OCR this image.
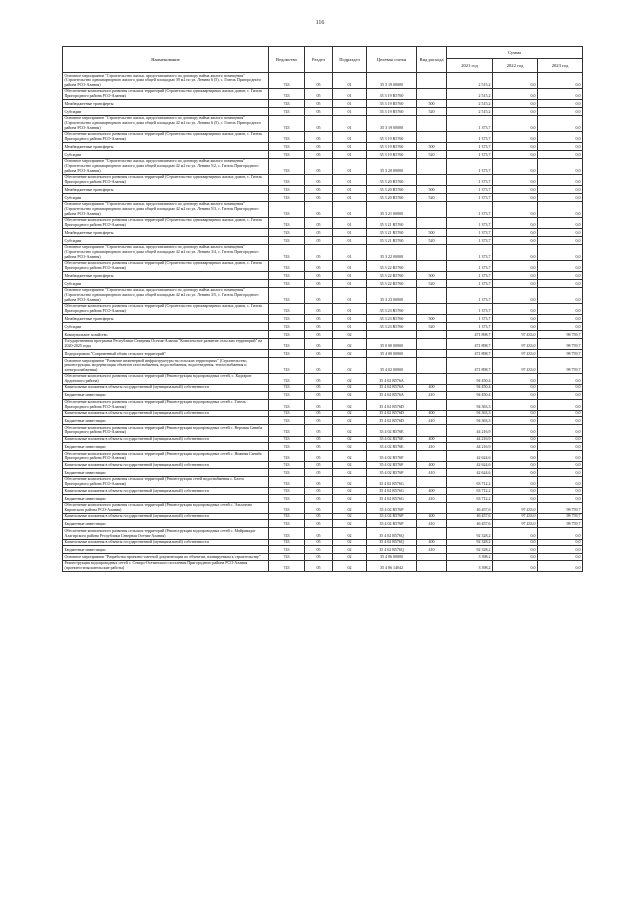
116
Наименование	Ведомство	Раздел	Подраздел	Целевая статья	Вид расхода	Сумма		
						2021 год	2022 год	2023 год
Основное мероприятие "Строительство жилья, предоставляемого по договору найма жилого помещения" (Строительство одноквартирного жилого дома общей площадью 39 м2 по ул. Ленина 6 (5), с. Гизель Пригородного района РСО-Алания)	743	05	01	35 3 19 00000		2 515,2	0,0	0,0
Обеспечение комплексного развития сельских территорий (Строительство одноквартирных жилых домов, с. Гизель Пригородного района РСО-Алания)	743	05	01	35 3 19 R5760		2 515,2	0,0	0,0
Межбюджетные трансферты	743	05	01	35 3 19 R5760	500	2 515,2	0,0	0,0
Субсидии	743	05	01	35 3 19 R5760	520	2 515,2	0,0	0,0
Основное мероприятие "Строительство жилья, предоставляемого по договору найма жилого помещения" (Строительство одноквартирного жилого дома общей площадью 42 м2 по ул. Ленина 6 (5), с. Гизель Пригородного района РСО-Алания)	743	05	01	35 3 19 00000		1 373,7	0,0	0,0
Обеспечение комплексного развития сельских территорий (Строительство одноквартирных жилых домов, с. Гизель Пригородного района РСО-Алания)	743	05	01	35 3 19 R5760		1 373,7	0,0	0,0
Межбюджетные трансферты	743	05	01	35 3 19 R5760	500	1 373,7	0,0	0,0
Субсидии	743	05	01	35 3 19 R5760	520	1 373,7	0,0	0,0
Основное мероприятие "Строительство жилья, предоставляемого по договору найма жилого помещения" (Строительство одноквартирного жилого дома общей площадью 42 м2 по ул. Ленина 5/2, с. Гизель Пригородного района РСО-Алания)	743	05	01	35 3 20 00000		1 373,7	0,0	0,0
Обеспечение комплексного развития сельских территорий (Строительство одноквартирных жилых домов, с. Гизель Пригородного района РСО-Алания)	743	05	01	35 3 20 R5760		1 373,7	0,0	0,0
Межбюджетные трансферты	743	05	01	35 3 20 R5760	500	1 373,7	0,0	0,0
Субсидии	743	05	01	35 3 20 R5760	520	1 373,7	0,0	0,0
Основное мероприятие "Строительство жилья, предоставляемого по договору найма жилого помещения" (Строительство одноквартирного жилого дома общей площадью 42 м2 по ул. Ленина 5/3, с. Гизель Пригородного района РСО-Алания)	743	05	01	35 3 21 00000		1 373,7	0,0	0,0
Обеспечение комплексного развития сельских территорий (Строительство одноквартирных жилых домов, с. Гизель Пригородного района РСО-Алания)	743	05	01	35 3 21 R5760		1 373,7	0,0	0,0
Межбюджетные трансферты	743	05	01	35 3 21 R5760	500	1 373,7	0,0	0,0
Субсидии	743	05	01	35 3 21 R5760	520	1 373,7	0,0	0,0
Основное мероприятие "Строительство жилья, предоставляемого по договору найма жилого помещения" (Строительство одноквартирного жилого дома общей площадью 42 м2 по ул. Ленина 3/4, с. Гизель Пригородного района РСО-Алания)	743	05	01	35 3 22 00000		1 373,7	0,0	0,0
Обеспечение комплексного развития сельских территорий (Строительство одноквартирных жилых домов, с. Гизель Пригородного района РСО-Алания)	743	05	01	35 3 22 R5760		1 373,7	0,0	0,0
Межбюджетные трансферты	743	05	01	35 3 22 R5760	500	1 373,7	0,0	0,0
Субсидии	743	05	01	35 3 22 R5760	520	1 373,7	0,0	0,0
Основное мероприятие "Строительство жилья, предоставляемого по договору найма жилого помещения" (Строительство одноквартирного жилого дома общей площадью 42 м2 по ул. Ленина 3/5, с. Гизель Пригородного района РСО-Алания)	743	05	01	35 3 23 00000		1 373,7	0,0	0,0
Обеспечение комплексного развития сельских территорий (Строительство одноквартирных жилых домов, с. Гизель Пригородного района РСО-Алания)	743	05	01	35 3 23 R5760		1 373,7	0,0	0,0
Межбюджетные трансферты	743	05	01	35 3 23 R5760	500	1 373,7	0,0	0,0
Субсидии	743	05	01	35 3 23 R5760	520	1 373,7	0,0	0,0
Коммунальное хозяйство	743	05	02			471 898,7	97 433,0	98 759,7
Государственная программа Республики Северная Осетия-Алания "Комплексное развитие сельских территорий" на 2020-2025 годы	743	05	02	35 0 00 00000		471 898,7	97 433,0	98 759,7
Подпрограмма "Современный облик сельских территорий"	743	05	02	35 4 00 00000		471 898,7	97 433,0	98 759,7
Основное мероприятие "Развитие инженерной инфраструктуры на сельских территориях" (Строительство, реконструкция, модернизация объектов газоснабжения, водоснабжения, водоотведения, теплоснабжения и электроснабжения)	743	05	02	35 4 02 00000		471 898,7	97 433,0	98 759,7
Обеспечение комплексного развития сельских территорий (Реконструкция водопроводных сетей, с. Кадгарон Ардонского района)	743	05	02	35 4 02 R576A		94 450,4	0,0	0,0
Капитальные вложения в объекты государственной (муниципальной) собственности	743	05	02	35 4 02 R576A	400	94 450,4	0,0	0,0
Бюджетные инвестиции	743	05	02	35 4 02 R576A	410	94 450,4	0,0	0,0
Обеспечение комплексного развития сельских территорий (Реконструкция водопроводных сетей с. Гизель Пригородного района РСО-Алания)	743	05	02	35 4 02 R576D		94 363,3	0,0	0,0
Капитальные вложения в объекты государственной (муниципальной) собственности	743	05	02	35 4 02 R576D	400	94 363,3	0,0	0,0
Бюджетные инвестиции	743	05	02	35 4 02 R576D	410	94 363,3	0,0	0,0
Обеспечение комплексного развития сельских территорий (Реконструкция водопроводных сетей с. Верхняя Саниба Пригородного района РСО-Алания)	743	05	02	35 4 02 R576E		44 216,9	0,0	0,0
Капитальные вложения в объекты государственной (муниципальной) собственности	743	05	02	35 4 02 R576E	400	44 216,9	0,0	0,0
Бюджетные инвестиции	743	05	02	35 4 02 R576E	410	44 216,9	0,0	0,0
Обеспечение комплексного развития сельских территорий (Реконструкция водопроводных сетей с. Нижняя Саниба Пригородного района РСО-Алания)	743	05	02	35 4 02 R576F		42 624,6	0,0	0,0
Капитальные вложения в объекты государственной (муниципальной) собственности	743	05	02	35 4 02 R576F	400	42 624,6	0,0	0,0
Бюджетные инвестиции	743	05	02	35 4 02 R576F	410	42 624,6	0,0	0,0
Обеспечение комплексного развития сельских территорий (Реконструкция сетей водоснабжения с. Балта Пригородного района РСО-Алания)	743	05	02	35 4 02 R576G		63 712,2	0,0	0,0
Капитальные вложения в объекты государственной (муниципальной) собственности	743	05	02	35 4 02 R576G	400	63 712,2	0,0	0,0
Бюджетные инвестиции	743	05	02	35 4 02 R576G	410	63 712,2	0,0	0,0
Обеспечение комплексного развития сельских территорий (Реконструкция водопроводных сетей с. Эльхотово Кировского района РСО-Алания)	743	05	02	35 4 02 R576P		46 457,6	97 433,0	98 759,7
Капитальные вложения в объекты государственной (муниципальной) собственности	743	05	02	35 4 02 R576P	400	46 457,6	97 433,0	98 759,7
Бюджетные инвестиции	743	05	02	35 4 02 R576P	410	46 457,6	97 433,0	98 759,7
Обеспечение комплексного развития сельских территорий (Реконструкция водопроводных сетей с. Майрамадаг Алагирского района Республики Северная Осетия-Алания)	743	05	02	35 4 02 R576Q		92 328,2	0,0	0,0
Капитальные вложения в объекты государственной (муниципальной) собственности	743	05	02	35 4 02 R576Q	400	92 328,2	0,0	0,0
Бюджетные инвестиции	743	05	02	35 4 02 R576Q	410	92 328,2	0,0	0,0
Основное мероприятие "Разработка проектно-сметной документации по объектам, планируемым к строительству"	743	05	02	35 4 06 00000		3 398,2	0,0	0,0
Реконструкция водопроводных сетей с. Северо-Осетинского поселения Пригородного района РСО-Алания (проектно-изыскательские работы)	743	05	02	35 4 06 14042		3 398,2	0,0	0,0
